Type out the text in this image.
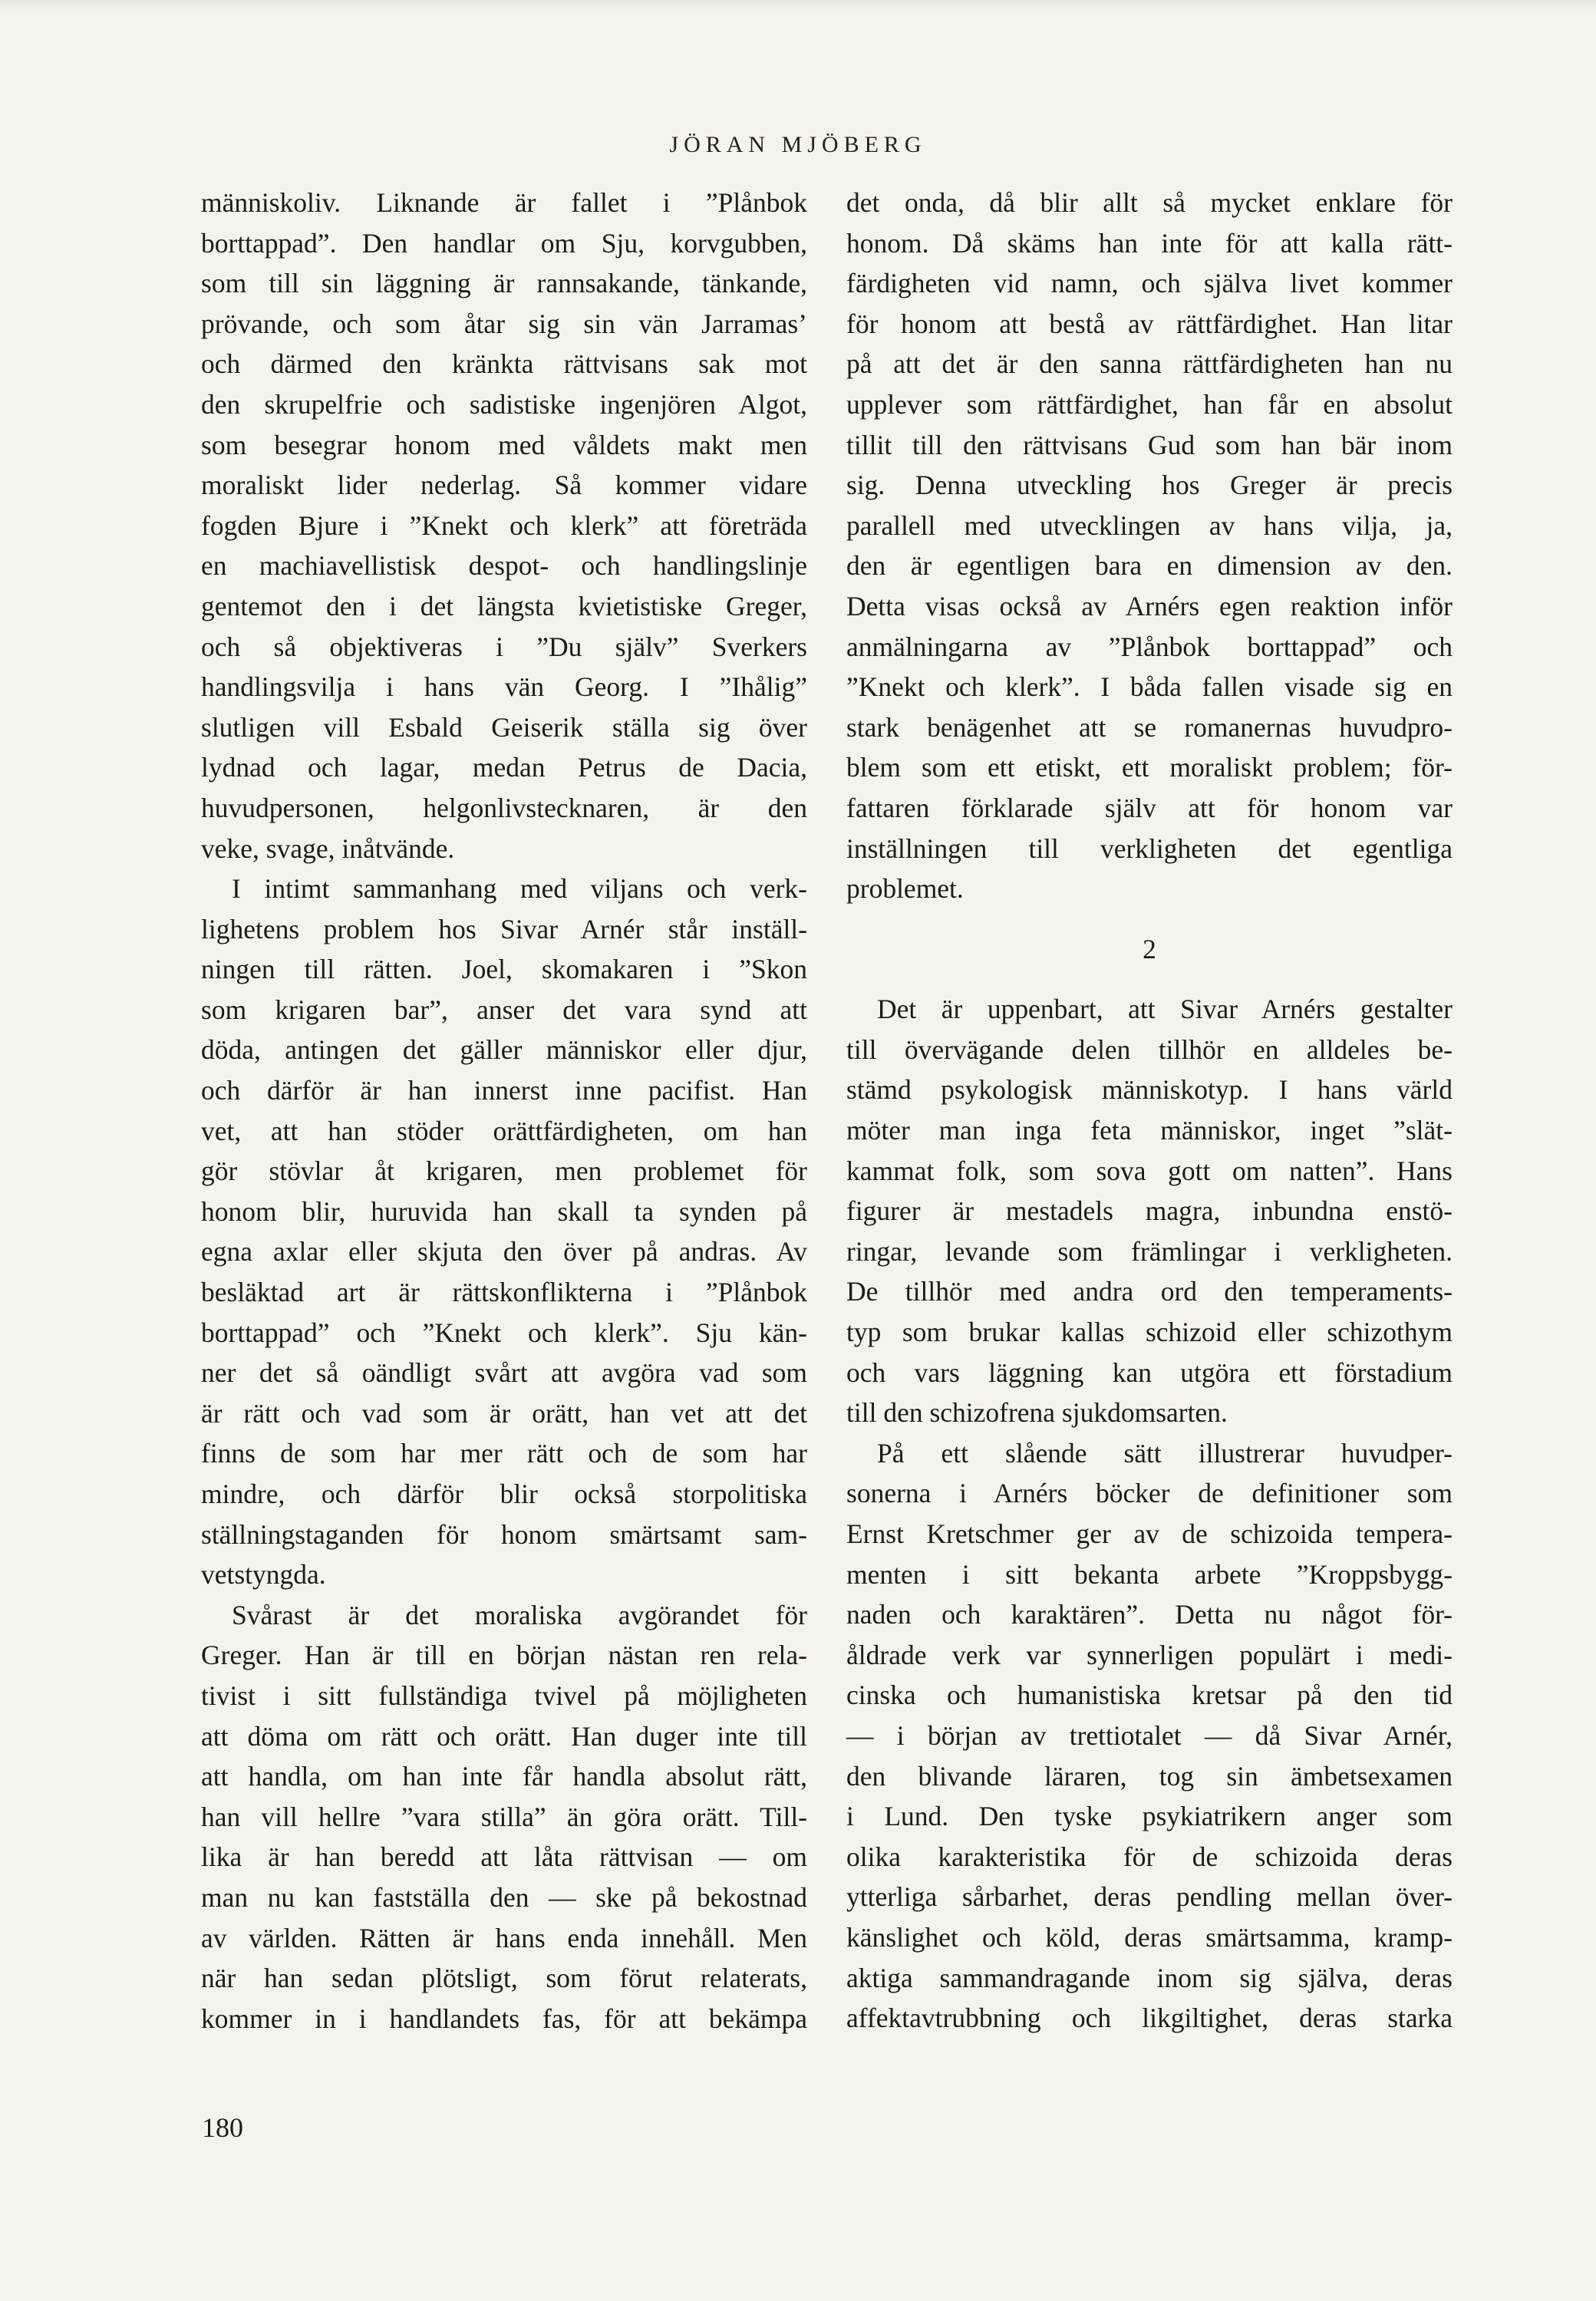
JÖRAN MJÖBERG
människoliv. Liknande är fallet i ”Plånbok
borttappad”. Den handlar om Sju, korvgubben,
som till sin läggning är rannsakande, tänkande,
prövande, och som åtar sig sin vän Jarramas’
och därmed den kränkta rättvisans sak mot
den skrupelfrie och sadistiske ingenjören Algot,
som besegrar honom med våldets makt men
moraliskt lider nederlag. Så kommer vidare
fogden Bjure i ”Knekt och klerk” att företräda
en machiavellistisk despot- och handlingslinje
gentemot den i det längsta kvietistiske Greger,
och så objektiveras i ”Du själv” Sverkers
handlingsvilja i hans vän Georg. I ”Ihålig”
slutligen vill Esbald Geiserik ställa sig över
lydnad och lagar, medan Petrus de Dacia,
huvudpersonen, helgonlivstecknaren, är den
veke, svage, inåtvände.
I intimt sammanhang med viljans och verk-
lighetens problem hos Sivar Arnér står inställ-
ningen till rätten. Joel, skomakaren i ”Skon
som krigaren bar”, anser det vara synd att
döda, antingen det gäller människor eller djur,
och därför är han innerst inne pacifist. Han
vet, att han stöder orättfärdigheten, om han
gör stövlar åt krigaren, men problemet för
honom blir, huruvida han skall ta synden på
egna axlar eller skjuta den över på andras. Av
besläktad art är rättskonflikterna i ”Plånbok
borttappad” och ”Knekt och klerk”. Sju kän-
ner det så oändligt svårt att avgöra vad som
är rätt och vad som är orätt, han vet att det
finns de som har mer rätt och de som har
mindre, och därför blir också storpolitiska
ställningstaganden för honom smärtsamt sam-
vetstyngda.
Svårast är det moraliska avgörandet för
Greger. Han är till en början nästan ren rela-
tivist i sitt fullständiga tvivel på möjligheten
att döma om rätt och orätt. Han duger inte till
att handla, om han inte får handla absolut rätt,
han vill hellre ”vara stilla” än göra orätt. Till-
lika är han beredd att låta rättvisan — om
man nu kan fastställa den — ske på bekostnad
av världen. Rätten är hans enda innehåll. Men
när han sedan plötsligt, som förut relaterats,
kommer in i handlandets fas, för att bekämpa
det onda, då blir allt så mycket enklare för
honom. Då skäms han inte för att kalla rätt-
färdigheten vid namn, och själva livet kommer
för honom att bestå av rättfärdighet. Han litar
på att det är den sanna rättfärdigheten han nu
upplever som rättfärdighet, han får en absolut
tillit till den rättvisans Gud som han bär inom
sig. Denna utveckling hos Greger är precis
parallell med utvecklingen av hans vilja, ja,
den är egentligen bara en dimension av den.
Detta visas också av Arnérs egen reaktion inför
anmälningarna av ”Plånbok borttappad” och
”Knekt och klerk”. I båda fallen visade sig en
stark benägenhet att se romanernas huvudpro-
blem som ett etiskt, ett moraliskt problem; för-
fattaren förklarade själv att för honom var
inställningen till verkligheten det egentliga
problemet.
2
Det är uppenbart, att Sivar Arnérs gestalter
till övervägande delen tillhör en alldeles be-
stämd psykologisk människotyp. I hans värld
möter man inga feta människor, inget ”slät-
kammat folk, som sova gott om natten”. Hans
figurer är mestadels magra, inbundna enstö-
ringar, levande som främlingar i verkligheten.
De tillhör med andra ord den temperaments-
typ som brukar kallas schizoid eller schizothym
och vars läggning kan utgöra ett förstadium
till den schizofrena sjukdomsarten.
På ett slående sätt illustrerar huvudper-
sonerna i Arnérs böcker de definitioner som
Ernst Kretschmer ger av de schizoida tempera-
menten i sitt bekanta arbete ”Kroppsbygg-
naden och karaktären”. Detta nu något för-
åldrade verk var synnerligen populärt i medi-
cinska och humanistiska kretsar på den tid
— i början av trettiotalet — då Sivar Arnér,
den blivande läraren, tog sin ämbetsexamen
i Lund. Den tyske psykiatrikern anger som
olika karakteristika för de schizoida deras
ytterliga sårbarhet, deras pendling mellan över-
känslighet och köld, deras smärtsamma, kramp-
aktiga sammandragande inom sig själva, deras
affektavtrubbning och likgiltighet, deras starka
180
